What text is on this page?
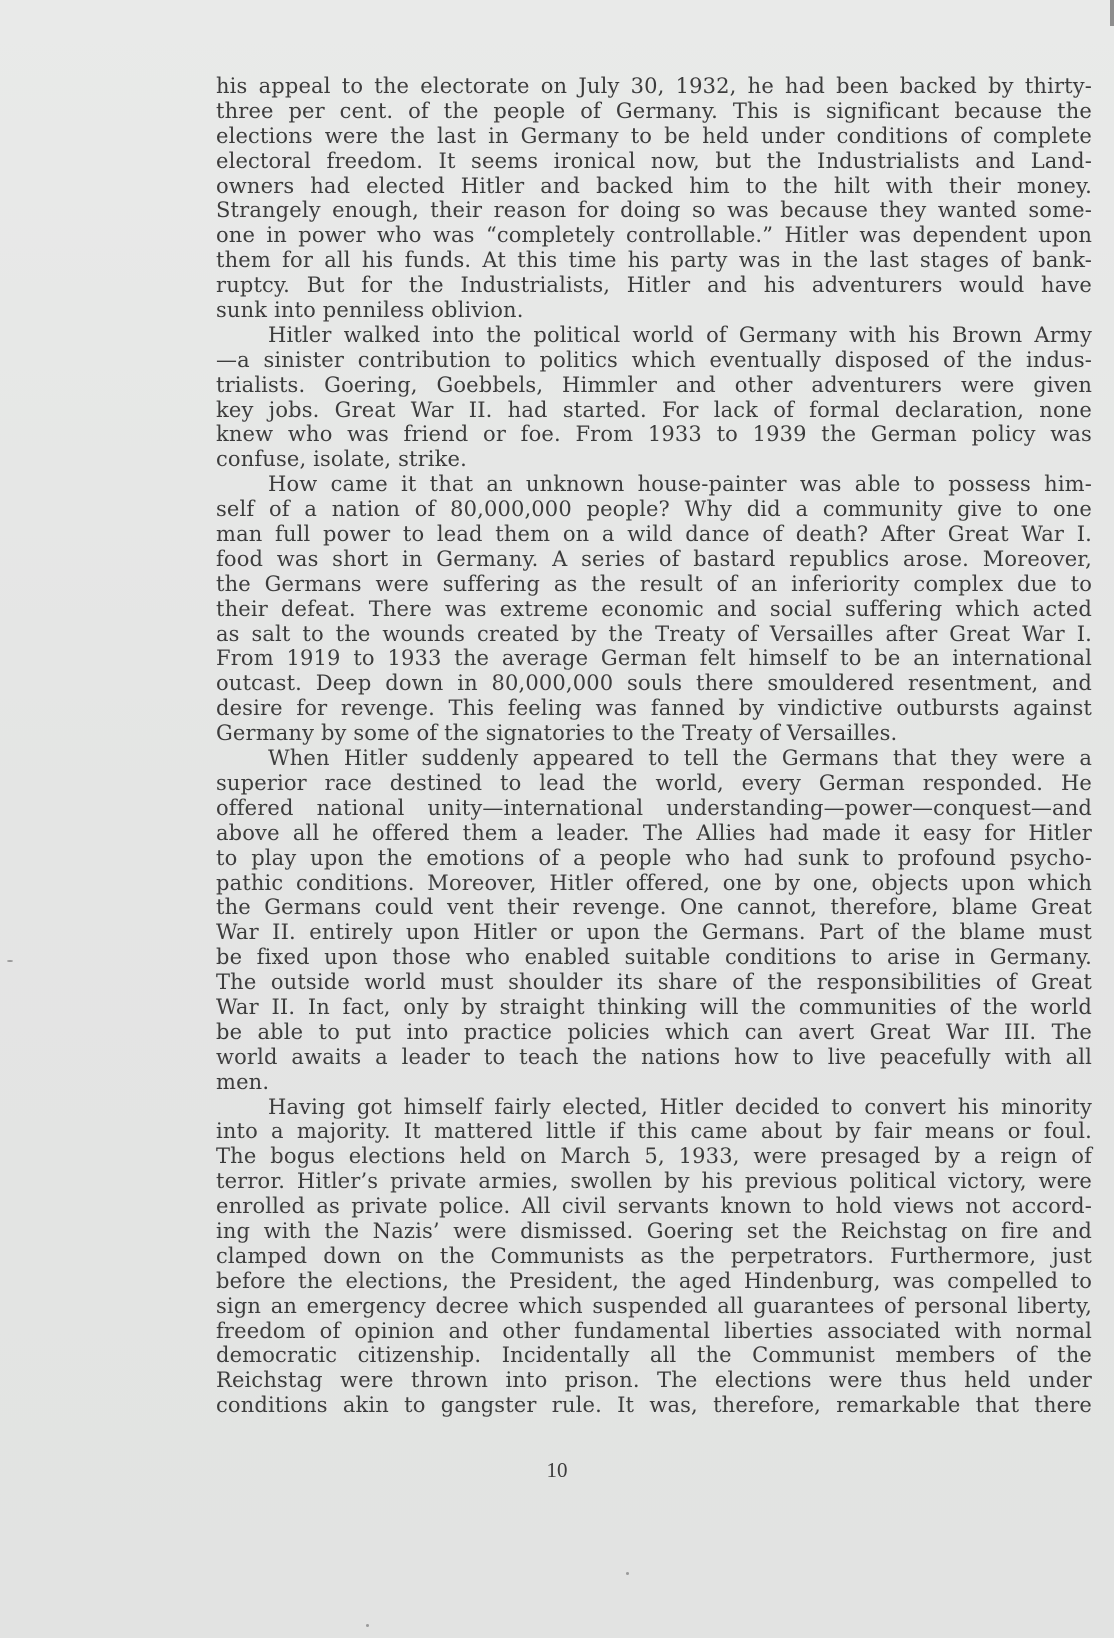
his appeal to the electorate on July 30, 1932, he had been backed by thirty-
three per cent. of the people of Germany. This is significant because the
elections were the last in Germany to be held under conditions of complete
electoral freedom. It seems ironical now, but the Industrialists and Land-
owners had elected Hitler and backed him to the hilt with their money.
Strangely enough, their reason for doing so was because they wanted some-
one in power who was “completely controllable.” Hitler was dependent upon
them for all his funds. At this time his party was in the last stages of bank-
ruptcy. But for the Industrialists, Hitler and his adventurers would have
sunk into penniless oblivion.
Hitler walked into the political world of Germany with his Brown Army
—a sinister contribution to politics which eventually disposed of the indus-
trialists. Goering, Goebbels, Himmler and other adventurers were given
key jobs. Great War II. had started. For lack of formal declaration, none
knew who was friend or foe. From 1933 to 1939 the German policy was
confuse, isolate, strike.
How came it that an unknown house-painter was able to possess him-
self of a nation of 80,000,000 people? Why did a community give to one
man full power to lead them on a wild dance of death? After Great War I.
food was short in Germany. A series of bastard republics arose. Moreover,
the Germans were suffering as the result of an inferiority complex due to
their defeat. There was extreme economic and social suffering which acted
as salt to the wounds created by the Treaty of Versailles after Great War I.
From 1919 to 1933 the average German felt himself to be an international
outcast. Deep down in 80,000,000 souls there smouldered resentment, and
desire for revenge. This feeling was fanned by vindictive outbursts against
Germany by some of the signatories to the Treaty of Versailles.
When Hitler suddenly appeared to tell the Germans that they were a
superior race destined to lead the world, every German responded. He
offered national unity—international understanding—power—conquest—and
above all he offered them a leader. The Allies had made it easy for Hitler
to play upon the emotions of a people who had sunk to profound psycho-
pathic conditions. Moreover, Hitler offered, one by one, objects upon which
the Germans could vent their revenge. One cannot, therefore, blame Great
War II. entirely upon Hitler or upon the Germans. Part of the blame must
be fixed upon those who enabled suitable conditions to arise in Germany.
The outside world must shoulder its share of the responsibilities of Great
War II. In fact, only by straight thinking will the communities of the world
be able to put into practice policies which can avert Great War III. The
world awaits a leader to teach the nations how to live peacefully with all
men.
Having got himself fairly elected, Hitler decided to convert his minority
into a majority. It mattered little if this came about by fair means or foul.
The bogus elections held on March 5, 1933, were presaged by a reign of
terror. Hitler’s private armies, swollen by his previous political victory, were
enrolled as private police. All civil servants known to hold views not accord-
ing with the Nazis’ were dismissed. Goering set the Reichstag on fire and
clamped down on the Communists as the perpetrators. Furthermore, just
before the elections, the President, the aged Hindenburg, was compelled to
sign an emergency decree which suspended all guarantees of personal liberty,
freedom of opinion and other fundamental liberties associated with normal
democratic citizenship. Incidentally all the Communist members of the
Reichstag were thrown into prison. The elections were thus held under
conditions akin to gangster rule. It was, therefore, remarkable that there
10
